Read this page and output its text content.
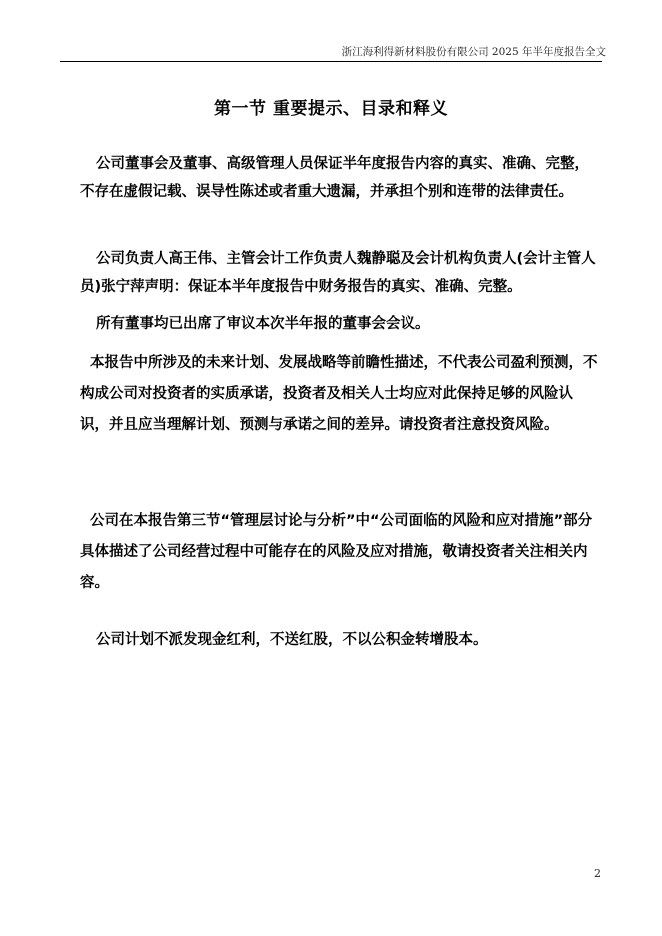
浙江海利得新材料股份有限公司 2025 年半年度报告全文
第一节 重要提示、目录和释义

公司董事会及董事、高级管理人员保证半年度报告内容的真实、准确、完整，不存在虚假记载、误导性陈述或者重大遗漏，并承担个别和连带的法律责任。

公司负责人高王伟、主管会计工作负责人魏静聪及会计机构负责人(会计主管人员)张宁萍声明：保证本半年度报告中财务报告的真实、准确、完整。

所有董事均已出席了审议本次半年报的董事会会议。

本报告中所涉及的未来计划、发展战略等前瞻性描述，不代表公司盈利预测，不构成公司对投资者的实质承诺，投资者及相关人士均应对此保持足够的风险认识，并且应当理解计划、预测与承诺之间的差异。请投资者注意投资风险。

公司在本报告第三节“管理层讨论与分析”中“公司面临的风险和应对措施”部分具体描述了公司经营过程中可能存在的风险及应对措施，敬请投资者关注相关内容。

公司计划不派发现金红利，不送红股，不以公积金转增股本。

2
